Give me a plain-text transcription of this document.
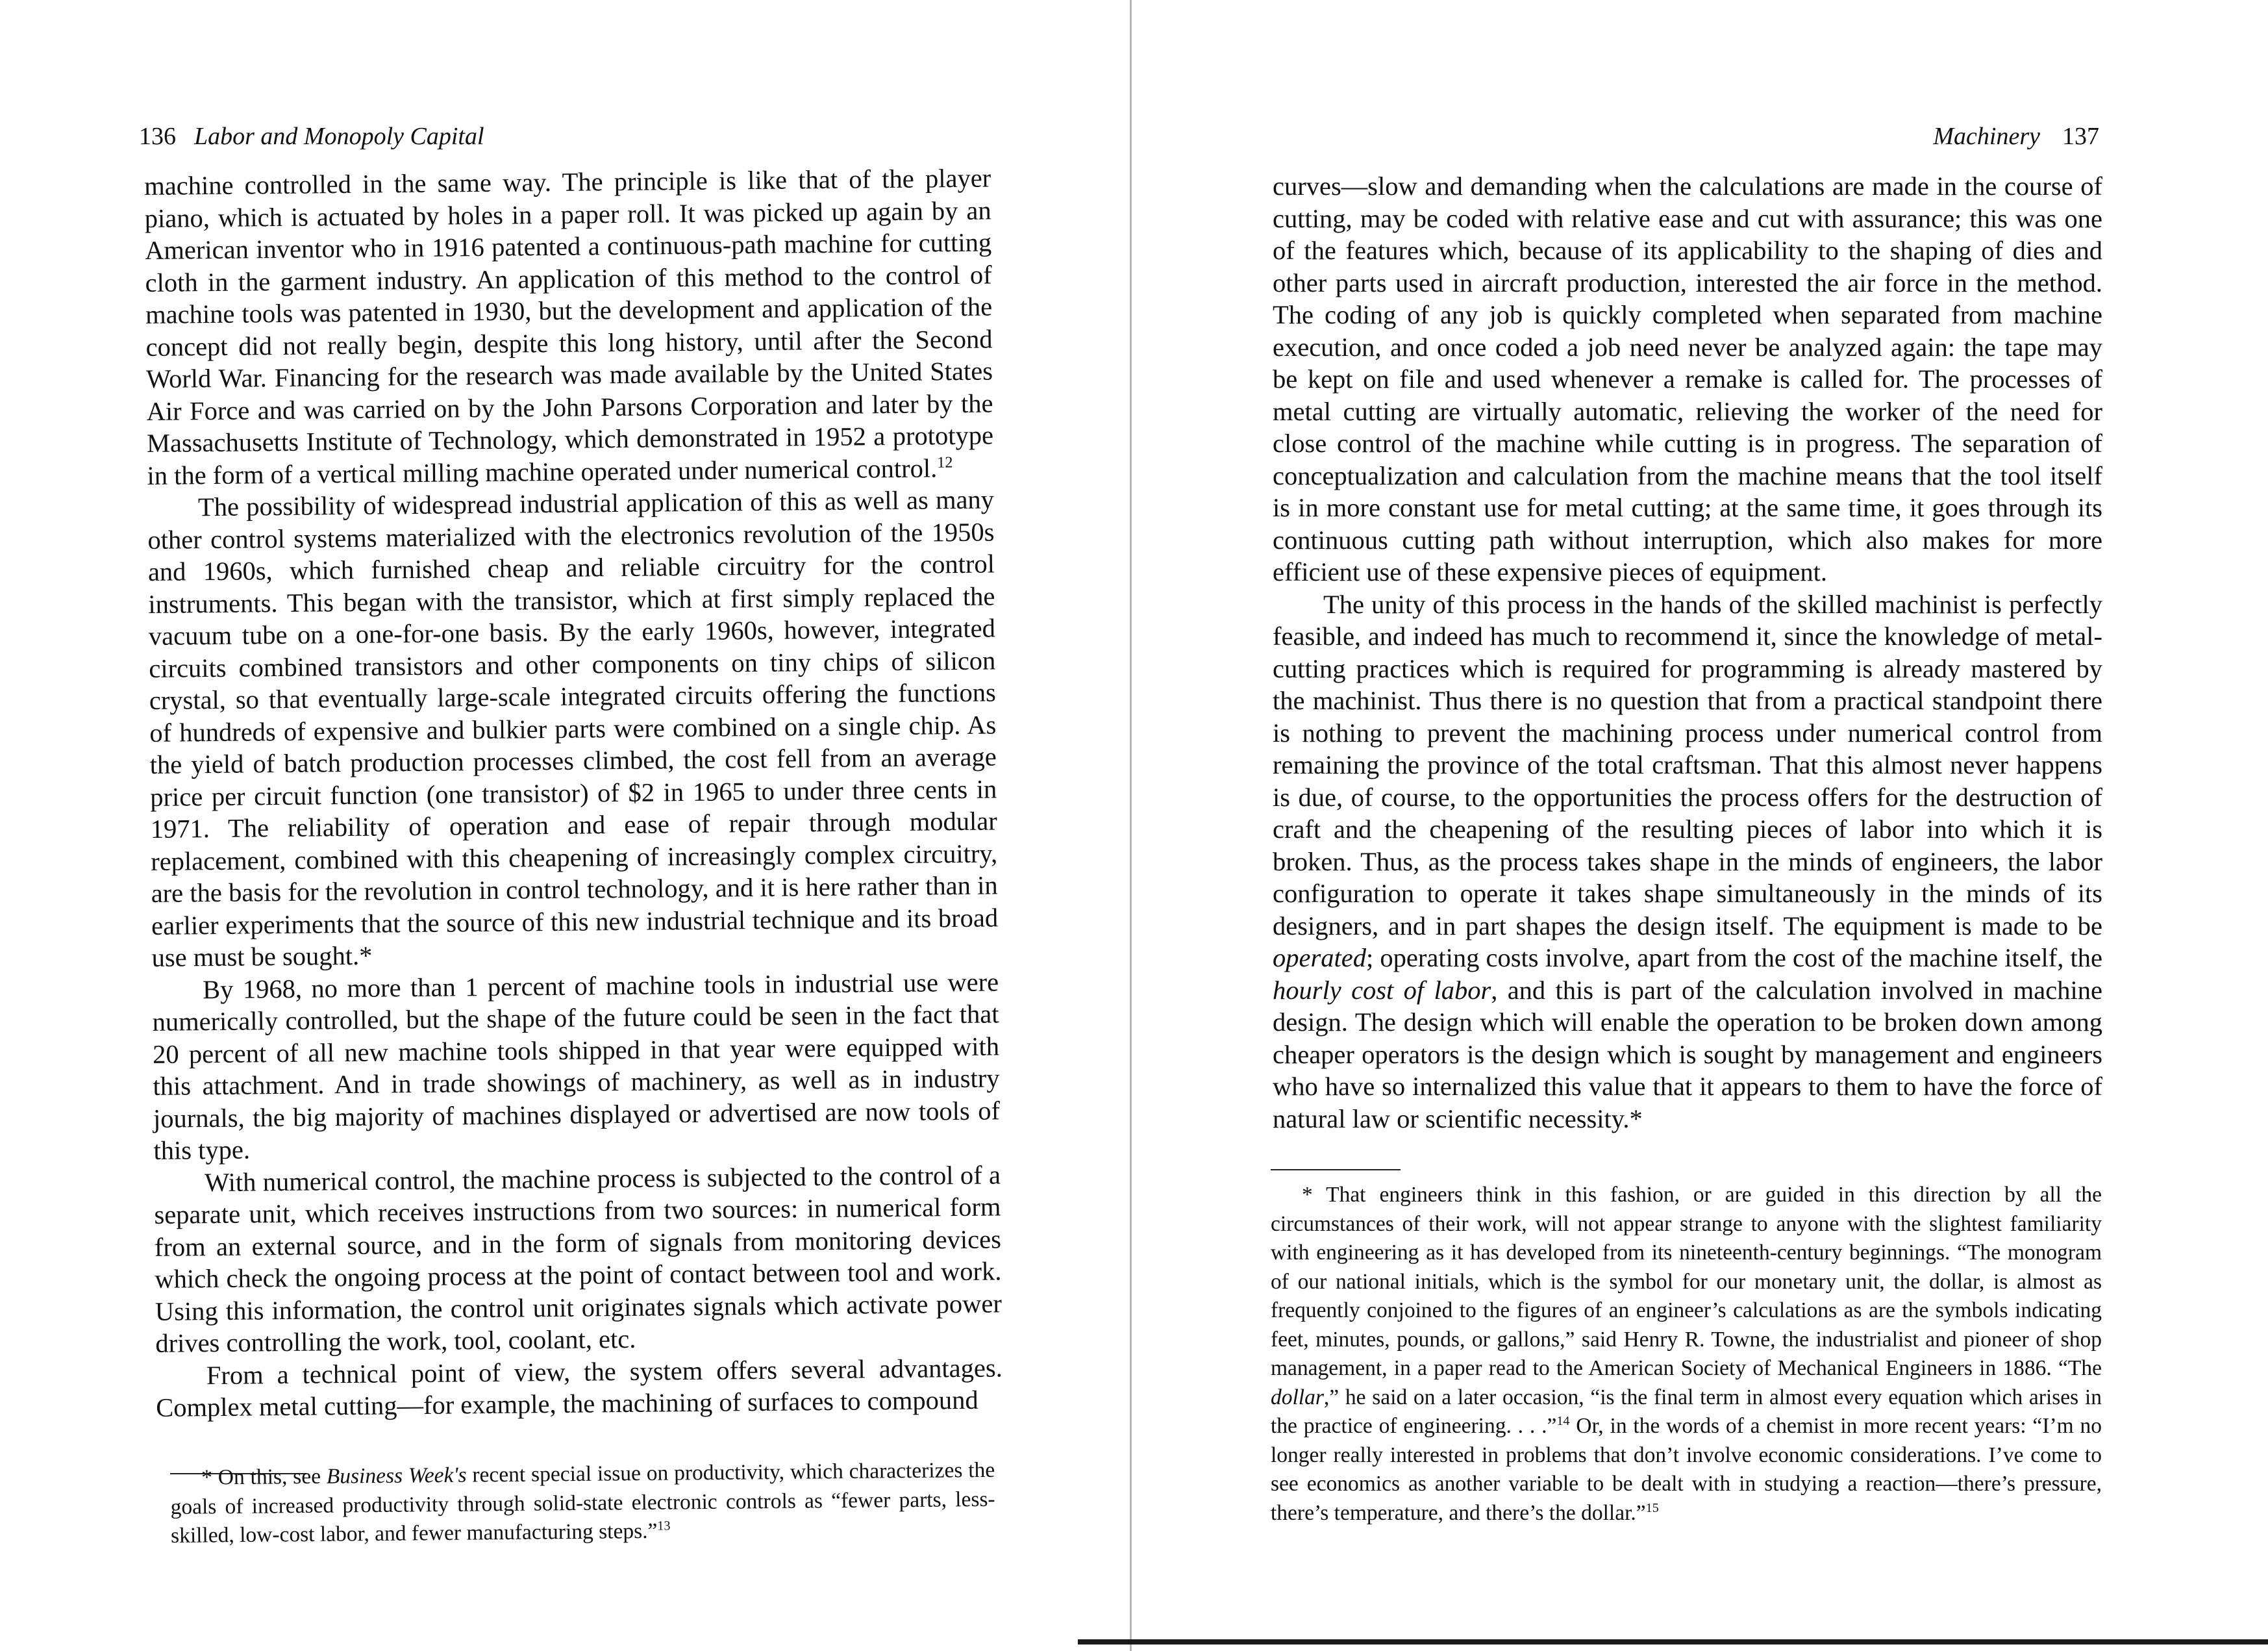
136 Labor and Monopoly Capital

machine controlled in the same way. The principle is like that of the player piano, which is actuated by holes in a paper roll. It was picked up again by an American inventor who in 1916 patented a continuous-path machine for cutting cloth in the garment industry. An application of this method to the control of machine tools was patented in 1930, but the development and application of the concept did not really begin, despite this long history, until after the Second World War. Financing for the research was made available by the United States Air Force and was carried on by the John Parsons Corporation and later by the Massachusetts Institute of Technology, which demonstrated in 1952 a prototype in the form of a vertical milling machine operated under numerical control.$^{12}$

The possibility of widespread industrial application of this as well as many other control systems materialized with the electronics revolution of the 1950s and 1960s, which furnished cheap and reliable circuitry for the control instruments. This began with the transistor, which at first simply replaced the vacuum tube on a one-for-one basis. By the early 1960s, however, integrated circuits combined transistors and other components on tiny chips of silicon crystal, so that eventually large-scale integrated circuits offering the functions of hundreds of expensive and bulkier parts were combined on a single chip. As the yield of batch production processes climbed, the cost fell from an average price per circuit function (one transistor) of $2 in 1965 to under three cents in 1971. The reliability of operation and ease of repair through modular replacement, combined with this cheapening of increasingly complex circuitry, are the basis for the revolution in control technology, and it is here rather than in earlier experiments that the source of this new industrial technique and its broad use must be sought.*

By 1968, no more than 1 percent of machine tools in industrial use were numerically controlled, but the shape of the future could be seen in the fact that 20 percent of all new machine tools shipped in that year were equipped with this attachment. And in trade showings of machinery, as well as in industry journals, the big majority of machines displayed or advertised are now tools of this type.

With numerical control, the machine process is subjected to the control of a separate unit, which receives instructions from two sources: in numerical form from an external source, and in the form of signals from monitoring devices which check the ongoing process at the point of contact between tool and work. Using this information, the control unit originates signals which activate power drives controlling the work, tool, coolant, etc.

From a technical point of view, the system offers several advantages. Complex metal cutting—for example, the machining of surfaces to compound

* On this, see Business Week's recent special issue on productivity, which characterizes the goals of increased productivity through solid-state electronic controls as “fewer parts, less-skilled, low-cost labor, and fewer manufacturing steps.”$^{13}$

Machinery 137

curves—slow and demanding when the calculations are made in the course of cutting, may be coded with relative ease and cut with assurance; this was one of the features which, because of its applicability to the shaping of dies and other parts used in aircraft production, interested the air force in the method. The coding of any job is quickly completed when separated from machine execution, and once coded a job need never be analyzed again: the tape may be kept on file and used whenever a remake is called for. The processes of metal cutting are virtually automatic, relieving the worker of the need for close control of the machine while cutting is in progress. The separation of conceptualization and calculation from the machine means that the tool itself is in more constant use for metal cutting; at the same time, it goes through its continuous cutting path without interruption, which also makes for more efficient use of these expensive pieces of equipment.

The unity of this process in the hands of the skilled machinist is perfectly feasible, and indeed has much to recommend it, since the knowledge of metal-cutting practices which is required for programming is already mastered by the machinist. Thus there is no question that from a practical standpoint there is nothing to prevent the machining process under numerical control from remaining the province of the total craftsman. That this almost never happens is due, of course, to the opportunities the process offers for the destruction of craft and the cheapening of the resulting pieces of labor into which it is broken. Thus, as the process takes shape in the minds of engineers, the labor configuration to operate it takes shape simultaneously in the minds of its designers, and in part shapes the design itself. The equipment is made to be operated; operating costs involve, apart from the cost of the machine itself, the hourly cost of labor, and this is part of the calculation involved in machine design. The design which will enable the operation to be broken down among cheaper operators is the design which is sought by management and engineers who have so internalized this value that it appears to them to have the force of natural law or scientific necessity.*

* That engineers think in this fashion, or are guided in this direction by all the circumstances of their work, will not appear strange to anyone with the slightest familiarity with engineering as it has developed from its nineteenth-century beginnings. “The monogram of our national initials, which is the symbol for our monetary unit, the dollar, is almost as frequently conjoined to the figures of an engineer’s calculations as are the symbols indicating feet, minutes, pounds, or gallons,” said Henry R. Towne, the industrialist and pioneer of shop management, in a paper read to the American Society of Mechanical Engineers in 1886. “The dollar,” he said on a later occasion, “is the final term in almost every equation which arises in the practice of engineering. . . .”$^{14}$ Or, in the words of a chemist in more recent years: “I’m no longer really interested in problems that don’t involve economic considerations. I’ve come to see economics as another variable to be dealt with in studying a reaction—there’s pressure, there’s temperature, and there’s the dollar.”$^{15}$
